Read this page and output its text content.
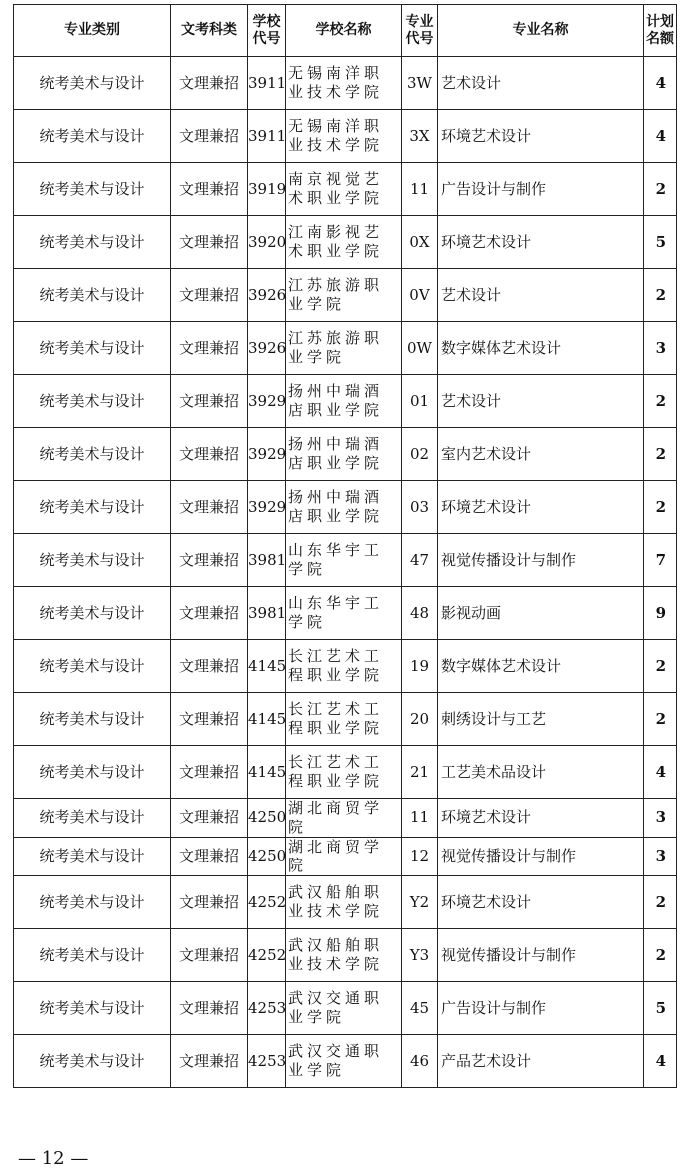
专业类别	文考科类	学校代号	学校名称	专业代号	专业名称	计划名额
统考美术与设计	文理兼招	3911	无锡南洋职业技术学院	3W	艺术设计	4
统考美术与设计	文理兼招	3911	无锡南洋职业技术学院	3X	环境艺术设计	4
统考美术与设计	文理兼招	3919	南京视觉艺术职业学院	11	广告设计与制作	2
统考美术与设计	文理兼招	3920	江南影视艺术职业学院	0X	环境艺术设计	5
统考美术与设计	文理兼招	3926	江苏旅游职业学院	0V	艺术设计	2
统考美术与设计	文理兼招	3926	江苏旅游职业学院	0W	数字媒体艺术设计	3
统考美术与设计	文理兼招	3929	扬州中瑞酒店职业学院	01	艺术设计	2
统考美术与设计	文理兼招	3929	扬州中瑞酒店职业学院	02	室内艺术设计	2
统考美术与设计	文理兼招	3929	扬州中瑞酒店职业学院	03	环境艺术设计	2
统考美术与设计	文理兼招	3981	山东华宇工学院	47	视觉传播设计与制作	7
统考美术与设计	文理兼招	3981	山东华宇工学院	48	影视动画	9
统考美术与设计	文理兼招	4145	长江艺术工程职业学院	19	数字媒体艺术设计	2
统考美术与设计	文理兼招	4145	长江艺术工程职业学院	20	刺绣设计与工艺	2
统考美术与设计	文理兼招	4145	长江艺术工程职业学院	21	工艺美术品设计	4
统考美术与设计	文理兼招	4250	湖北商贸学院	11	环境艺术设计	3
统考美术与设计	文理兼招	4250	湖北商贸学院	12	视觉传播设计与制作	3
统考美术与设计	文理兼招	4252	武汉船舶职业技术学院	Y2	环境艺术设计	2
统考美术与设计	文理兼招	4252	武汉船舶职业技术学院	Y3	视觉传播设计与制作	2
统考美术与设计	文理兼招	4253	武汉交通职业学院	45	广告设计与制作	5
统考美术与设计	文理兼招	4253	武汉交通职业学院	46	产品艺术设计	4
— 12 —
